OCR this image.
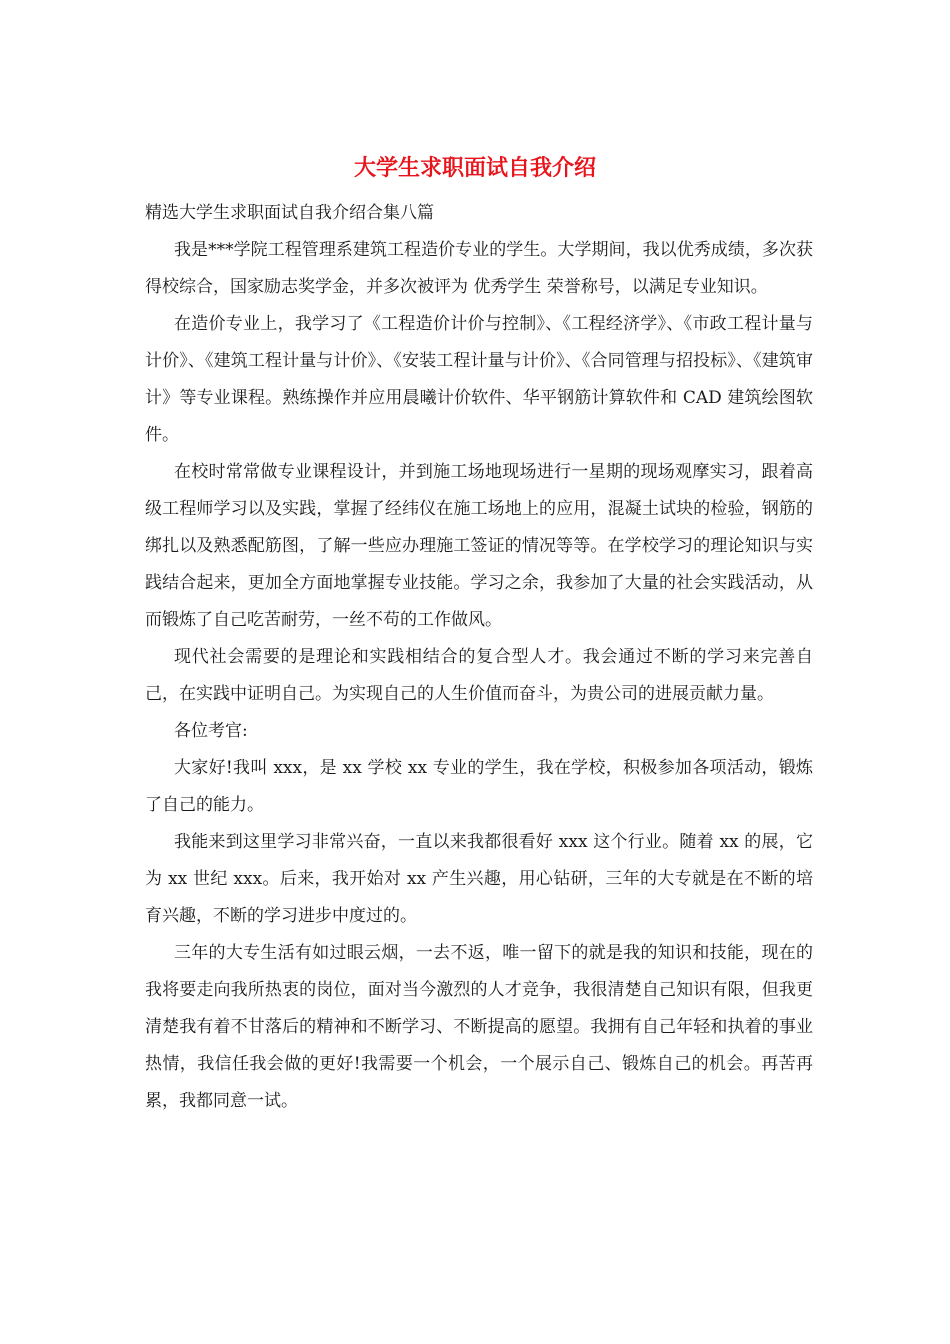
大学生求职面试自我介绍

精选大学生求职面试自我介绍合集八篇

我是***学院工程管理系建筑工程造价专业的学生。大学期间，我以优秀成绩，多次获得校综合，国家励志奖学金，并多次被评为 优秀学生 荣誉称号，以满足专业知识。

在造价专业上，我学习了《工程造价计价与控制》、《工程经济学》、《市政工程计量与计价》、《建筑工程计量与计价》、《安装工程计量与计价》、《合同管理与招投标》、《建筑审计》等专业课程。熟练操作并应用晨曦计价软件、华平钢筋计算软件和 CAD 建筑绘图软件。

在校时常常做专业课程设计，并到施工场地现场进行一星期的现场观摩实习，跟着高级工程师学习以及实践，掌握了经纬仪在施工场地上的应用，混凝土试块的检验，钢筋的绑扎以及熟悉配筋图，了解一些应办理施工签证的情况等等。在学校学习的理论知识与实践结合起来，更加全方面地掌握专业技能。学习之余，我参加了大量的社会实践活动，从而锻炼了自己吃苦耐劳，一丝不苟的工作做风。

现代社会需要的是理论和实践相结合的复合型人才。我会通过不断的学习来完善自己，在实践中证明自己。为实现自己的人生价值而奋斗，为贵公司的进展贡献力量。

各位考官:

大家好!我叫 xxx，是 xx 学校 xx 专业的学生，我在学校，积极参加各项活动，锻炼了自己的能力。

我能来到这里学习非常兴奋，一直以来我都很看好 xxx 这个行业。随着 xx 的展，它为 xx 世纪 xxx。后来，我开始对 xx 产生兴趣，用心钻研，三年的大专就是在不断的培育兴趣，不断的学习进步中度过的。

三年的大专生活有如过眼云烟，一去不返，唯一留下的就是我的知识和技能，现在的我将要走向我所热衷的岗位，面对当今激烈的人才竞争，我很清楚自己知识有限，但我更清楚我有着不甘落后的精神和不断学习、不断提高的愿望。我拥有自己年轻和执着的事业热情，我信任我会做的更好!我需要一个机会，一个展示自己、锻炼自己的机会。再苦再累，我都同意一试。
